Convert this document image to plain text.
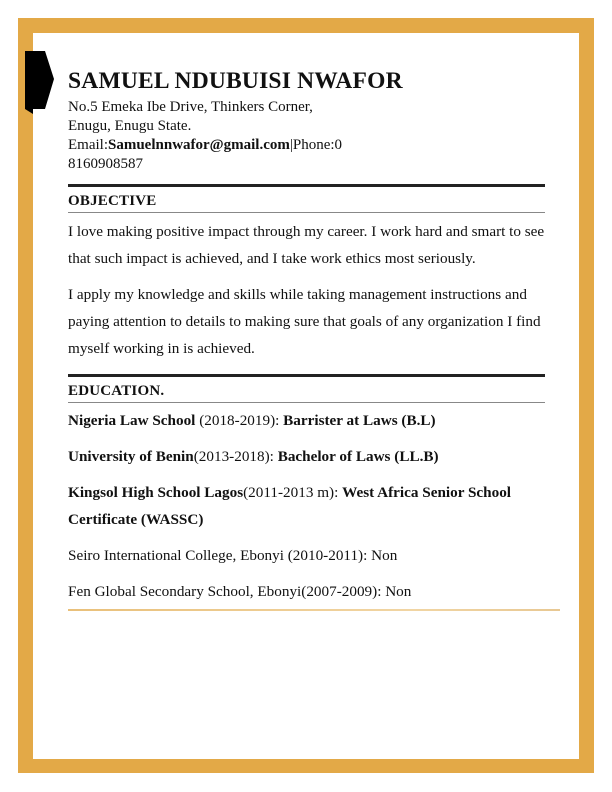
SAMUEL NDUBUISI NWAFOR
No.5 Emeka Ibe Drive, Thinkers Corner,
Enugu, Enugu State.
Email:Samuelnnwafor@gmail.com|Phone:0
8160908587
OBJECTIVE

I love making positive impact through my career. I work hard and smart to see that such impact is achieved, and I take work ethics most seriously.

I apply my knowledge and skills while taking management instructions and paying attention to details to making sure that goals of any organization I find myself working in is achieved.

EDUCATION.

Nigeria Law School (2018-2019): Barrister at Laws (B.L)

University of Benin(2013-2018): Bachelor of Laws (LL.B)

Kingsol High School Lagos(2011-2013 m): West Africa Senior School Certificate (WASSC)

Seiro International College, Ebonyi (2010-2011): Non

Fen Global Secondary School, Ebonyi(2007-2009): Non
